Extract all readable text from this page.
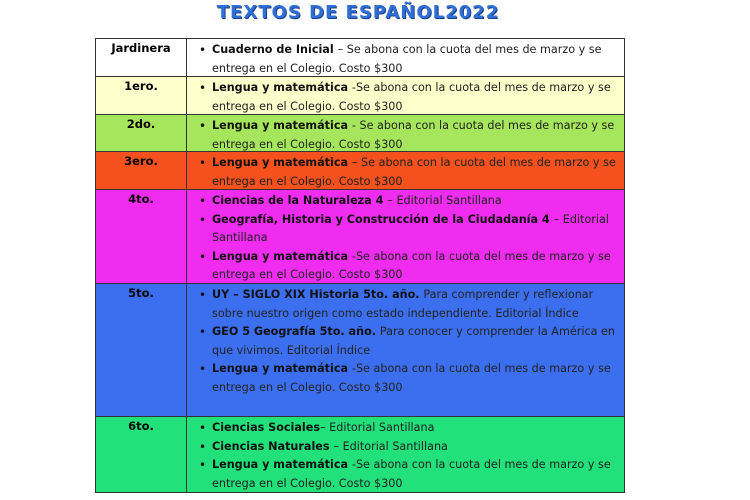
TEXTOS DE ESPAÑOL2022
Jardinera	• Cuaderno de Inicial – Se abona con la cuota del mes de marzo y se entrega en el Colegio. Costo $300
1ero.	• Lengua y matemática -Se abona con la cuota del mes de marzo y se entrega en el Colegio. Costo $300
2do.	• Lengua y matemática - Se abona con la cuota del mes de marzo y se entrega en el Colegio. Costo $300
3ero.	• Lengua y matemática – Se abona con la cuota del mes de marzo y se entrega en el Colegio. Costo $300
4to.	• Ciencias de la Naturaleza 4 – Editorial Santillana
• Geografía, Historia y Construcción de la Ciudadanía 4 – Editorial Santillana
• Lengua y matemática -Se abona con la cuota del mes de marzo y se entrega en el Colegio. Costo $300
5to.	• UY – SIGLO XIX Historia 5to. año. Para comprender y reflexionar sobre nuestro origen como estado independiente. Editorial Índice
• GEO 5 Geografía 5to. año. Para conocer y comprender la América en que vivimos. Editorial Índice
• Lengua y matemática -Se abona con la cuota del mes de marzo y se entrega en el Colegio. Costo $300
6to.	• Ciencias Sociales– Editorial Santillana
• Ciencias Naturales – Editorial Santillana
• Lengua y matemática -Se abona con la cuota del mes de marzo y se entrega en el Colegio. Costo $300
